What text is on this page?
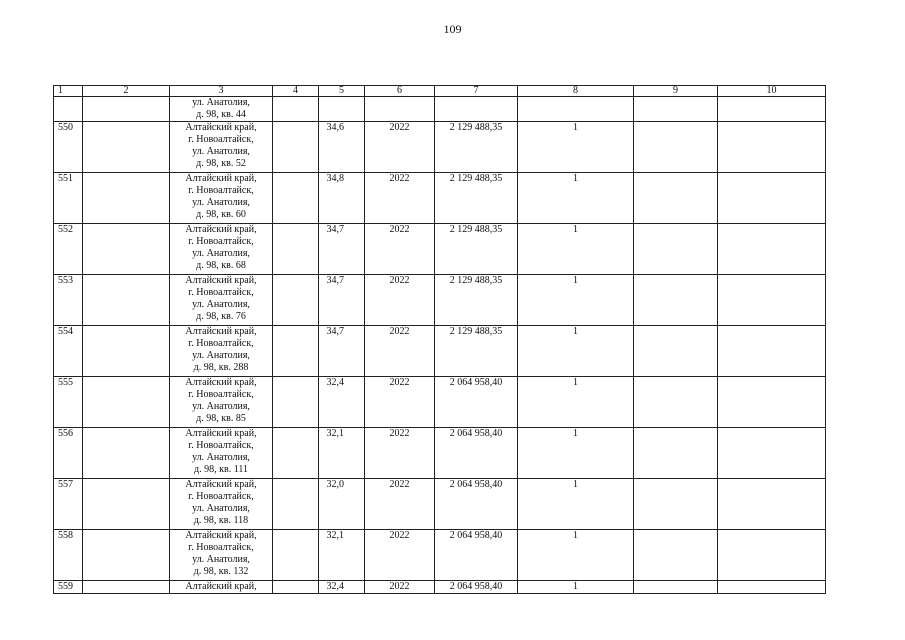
109
1	2	3	4	5	6	7	8	9	10

		ул. Анатолия,
д. 98, кв. 44							

550		Алтайский край,
г. Новоалтайск,
ул. Анатолия,
д. 98, кв. 52		34,6	2022	2 129 488,35	1		
551		Алтайский край,
г. Новоалтайск,
ул. Анатолия,
д. 98, кв. 60		34,8	2022	2 129 488,35	1		
552		Алтайский край,
г. Новоалтайск,
ул. Анатолия,
д. 98, кв. 68		34,7	2022	2 129 488,35	1		
553		Алтайский край,
г. Новоалтайск,
ул. Анатолия,
д. 98, кв. 76		34,7	2022	2 129 488,35	1		
554		Алтайский край,
г. Новоалтайск,
ул. Анатолия,
д. 98, кв. 288		34,7	2022	2 129 488,35	1		
555		Алтайский край,
г. Новоалтайск,
ул. Анатолия,
д. 98, кв. 85		32,4	2022	2 064 958,40	1		
556		Алтайский край,
г. Новоалтайск,
ул. Анатолия,
д. 98, кв. 111		32,1	2022	2 064 958,40	1		
557		Алтайский край,
г. Новоалтайск,
ул. Анатолия,
д. 98, кв. 118		32,0	2022	2 064 958,40	1		
558		Алтайский край,
г. Новоалтайск,
ул. Анатолия,
д. 98, кв. 132		32,1	2022	2 064 958,40	1		
559		Алтайский край,		32,4	2022	2 064 958,40	1		
